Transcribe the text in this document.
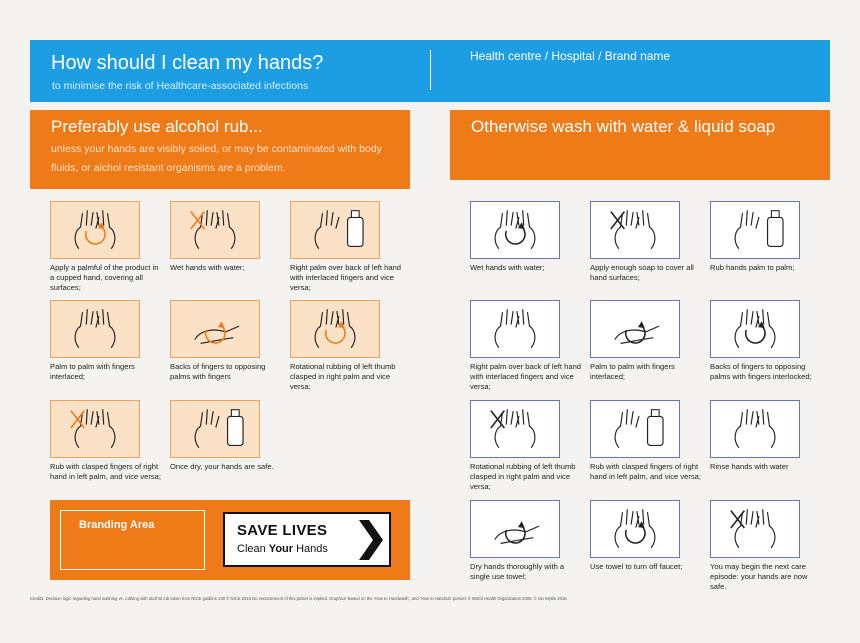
How should I clean my hands?
to minimise the risk of Healthcare-associated infections
Health centre / Hospital / Brand name
Preferably use alcohol rub...
unless your hands are visibly soiled, or may be contaminated with body fluids, or alchol resistant organisms are a problem.
Otherwise wash with water & liquid soap
Apply a palmful of the product in a cupped hand, covering all surfaces;
Wet hands with water;	Right palm over back of left hand with interlaced fingers and vice versa;
Palm to palm with fingers interlaced;
Backs of fingers to opposing palms with fingers
Rotational rubbing of left thumb clasped in right palm and vice versa;
Rub with clasped fingers of right hand in left palm, and vice versa;
Once dry, your hands are safe.
Wet hands with water;	Apply enough soap to cover all hand surfaces;
Rub hands palm to palm;
Right palm over back of left hand with interlaced fingers and vice versa;
Palm to palm with fingers interlaced;
Backs of fingers to opposing palms with fingers interlocked;
Rotational rubbing of left thumb clasped in right palm and vice versa;
Rub with clasped fingers of right hand in left palm, and vice versa;
Rinse hands with water
Dry hands thoroughly with a single use towel;
Use towel to turn off faucet;	You may begin the next care episode: your hands are now safe.
Branding Area	SAVE LIVES
Clean Your Hands
Credits: Decision logic regarding hand washing vs. rubbing with alcohol rub taken from NICE guidline 139 © NICE 2015 No endorsement of this poster is implied. Graphics 'Based on the 'How to Handwash', and 'How to Handrub' posters © World Health Organization 2009. © Ian Wyllie 2016
